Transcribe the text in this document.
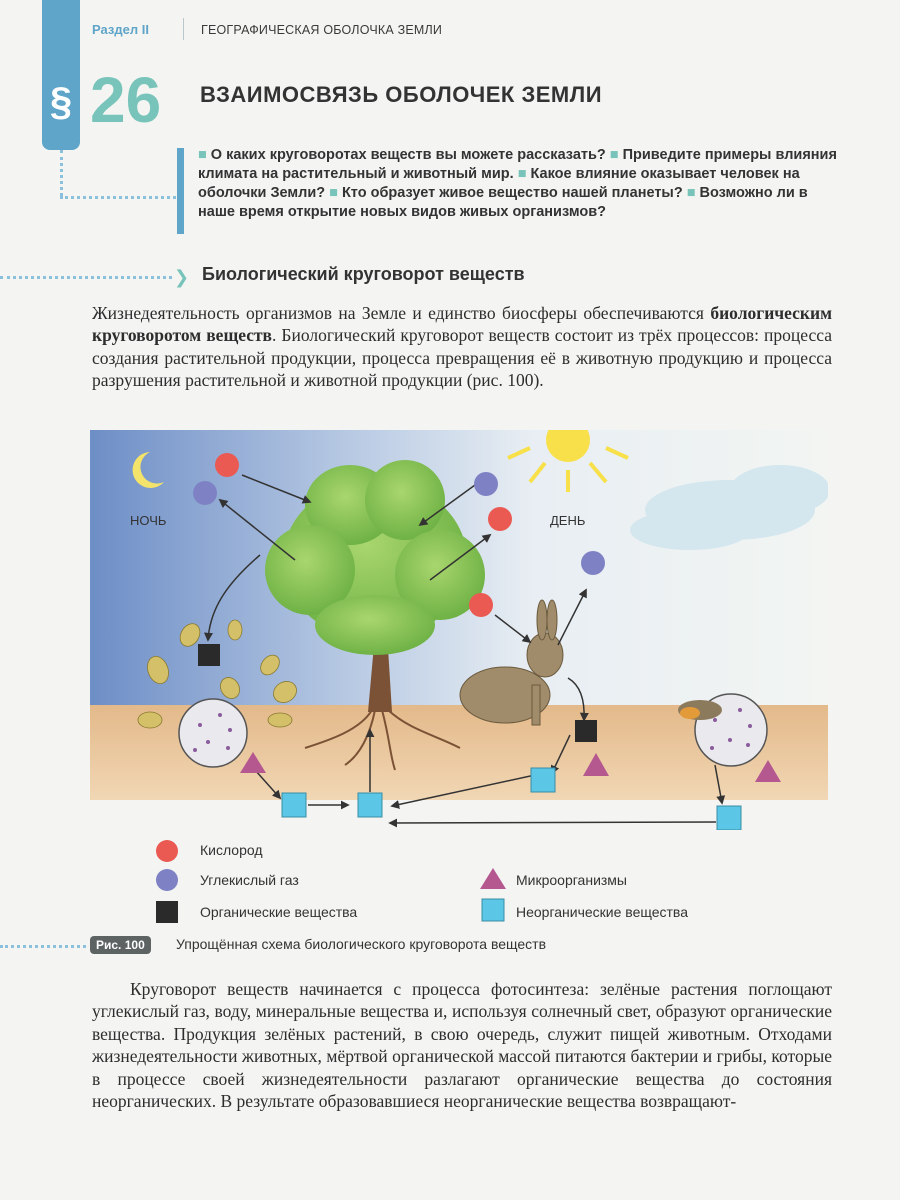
§
Раздел II	ГЕОГРАФИЧЕСКАЯ ОБОЛОЧКА ЗЕМЛИ
26 ВЗАИМОСВЯЗЬ ОБОЛОЧЕК ЗЕМЛИ
■ О каких круговоротах веществ вы можете рассказать? ■ Приведите примеры влияния климата на растительный и животный мир. ■ Какое влияние оказывает человек на оболочки Земли? ■ Кто образует живое вещество нашей планеты? ■ Возможно ли в наше время открытие новых видов живых организмов?
❯ Биологический круговорот веществ
Жизнедеятельность организмов на Земле и единство биосферы обеспечиваются биологическим круговоротом веществ. Биологический круговорот веществ состоит из трёх процессов: процесса создания растительной продукции, процесса превращения её в животную продукцию и процесса разрушения растительной и животной продукции (рис. 100).
НОЧЬ	ДЕНЬ
Кислород
Углекислый газ
Органические вещества
Микроорганизмы
Неорганические вещества
Рис. 100	Упрощённая схема биологического круговорота веществ
Круговорот веществ начинается с процесса фотосинтеза: зелёные растения поглощают углекислый газ, воду, минеральные вещества и, используя солнечный свет, образуют органические вещества. Продукция зелёных растений, в свою очередь, служит пищей животным. Отходами жизнедеятельности животных, мёртвой органической массой питаются бактерии и грибы, которые в процессе своей жизнедеятельности разлагают органические вещества до состояния неорганических. В результате образовавшиеся неорганические вещества возвращают-
